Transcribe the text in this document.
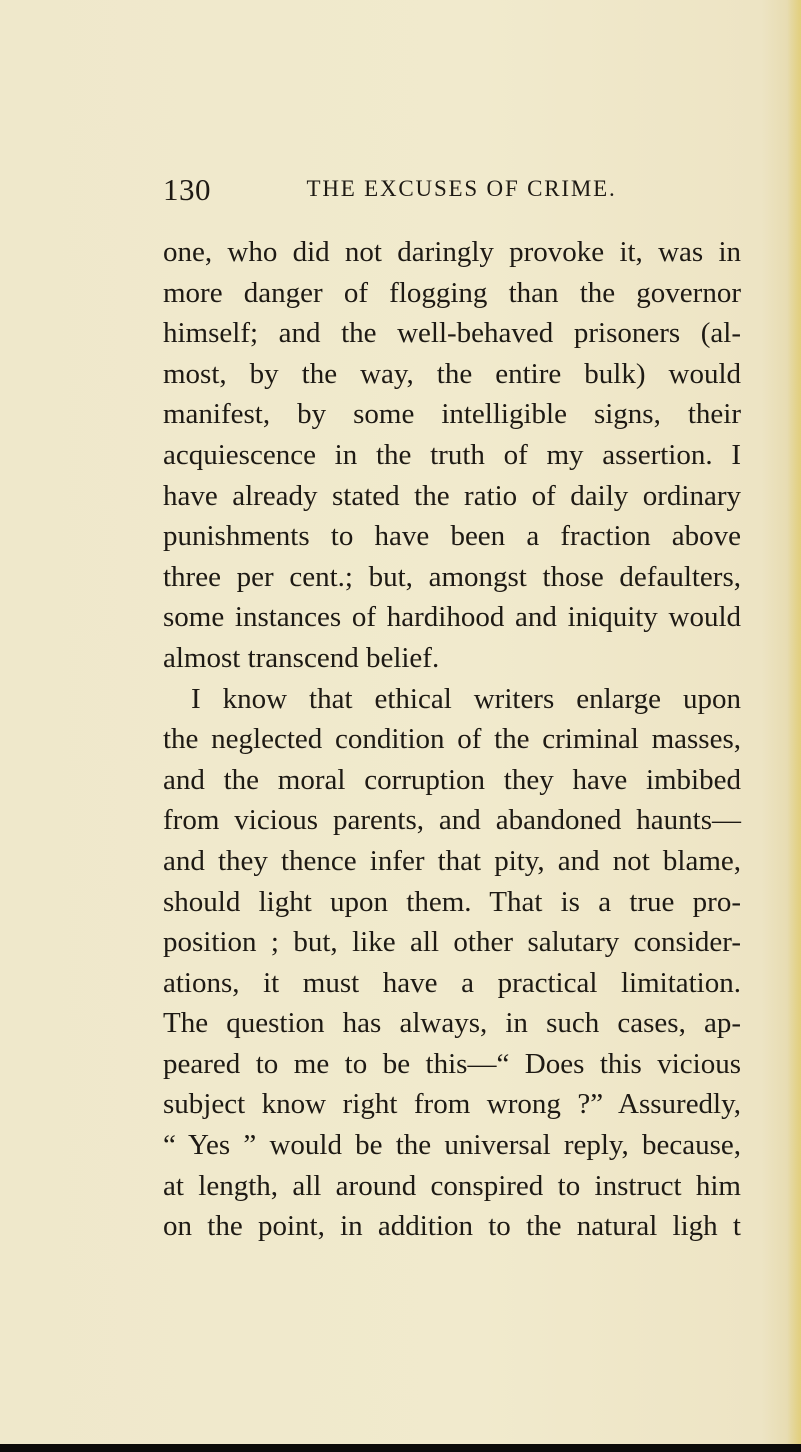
130	THE EXCUSES OF CRIME.
one, who did not daringly provoke it, was in
more danger of flogging than the governor
himself; and the well-behaved prisoners (al-
most, by the way, the entire bulk) would
manifest, by some intelligible signs, their
acquiescence in the truth of my assertion. I
have already stated the ratio of daily ordinary
punishments to have been a fraction above
three per cent.; but, amongst those defaulters,
some instances of hardihood and iniquity would
almost transcend belief.
I know that ethical writers enlarge upon
the neglected condition of the criminal masses,
and the moral corruption they have imbibed
from vicious parents, and abandoned haunts—
and they thence infer that pity, and not blame,
should light upon them. That is a true pro-
position ; but, like all other salutary consider-
ations, it must have a practical limitation.
The question has always, in such cases, ap-
peared to me to be this—“ Does this vicious
subject know right from wrong ?” Assuredly,
“ Yes ” would be the universal reply, because,
at length, all around conspired to instruct him
on the point, in addition to the natural ligh t
